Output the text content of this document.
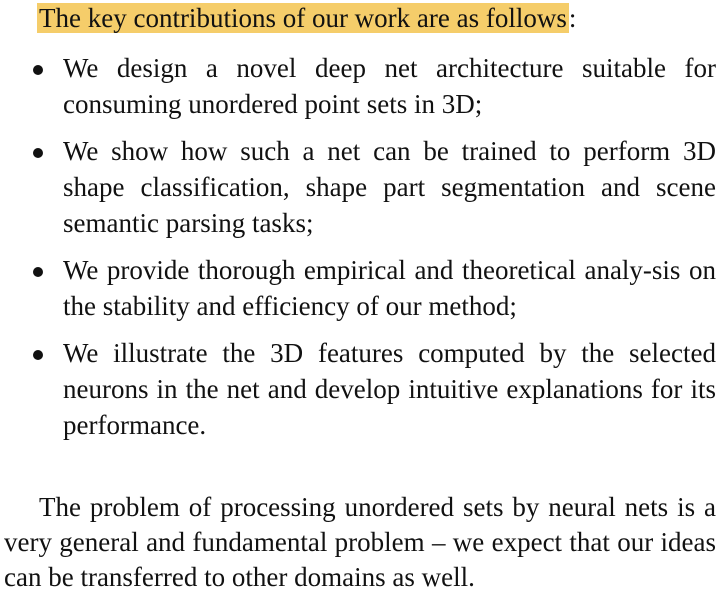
The key contributions of our work are as follows:
We design a novel deep net architecture suitable for consuming unordered point sets in 3D;
We show how such a net can be trained to perform 3D shape classification, shape part segmentation and scene semantic parsing tasks;
We provide thorough empirical and theoretical analy-sis on the stability and efficiency of our method;
We illustrate the 3D features computed by the selected neurons in the net and develop intuitive explanations for its performance.

The problem of processing unordered sets by neural nets is a very general and fundamental problem – we expect that our ideas can be transferred to other domains as well.
